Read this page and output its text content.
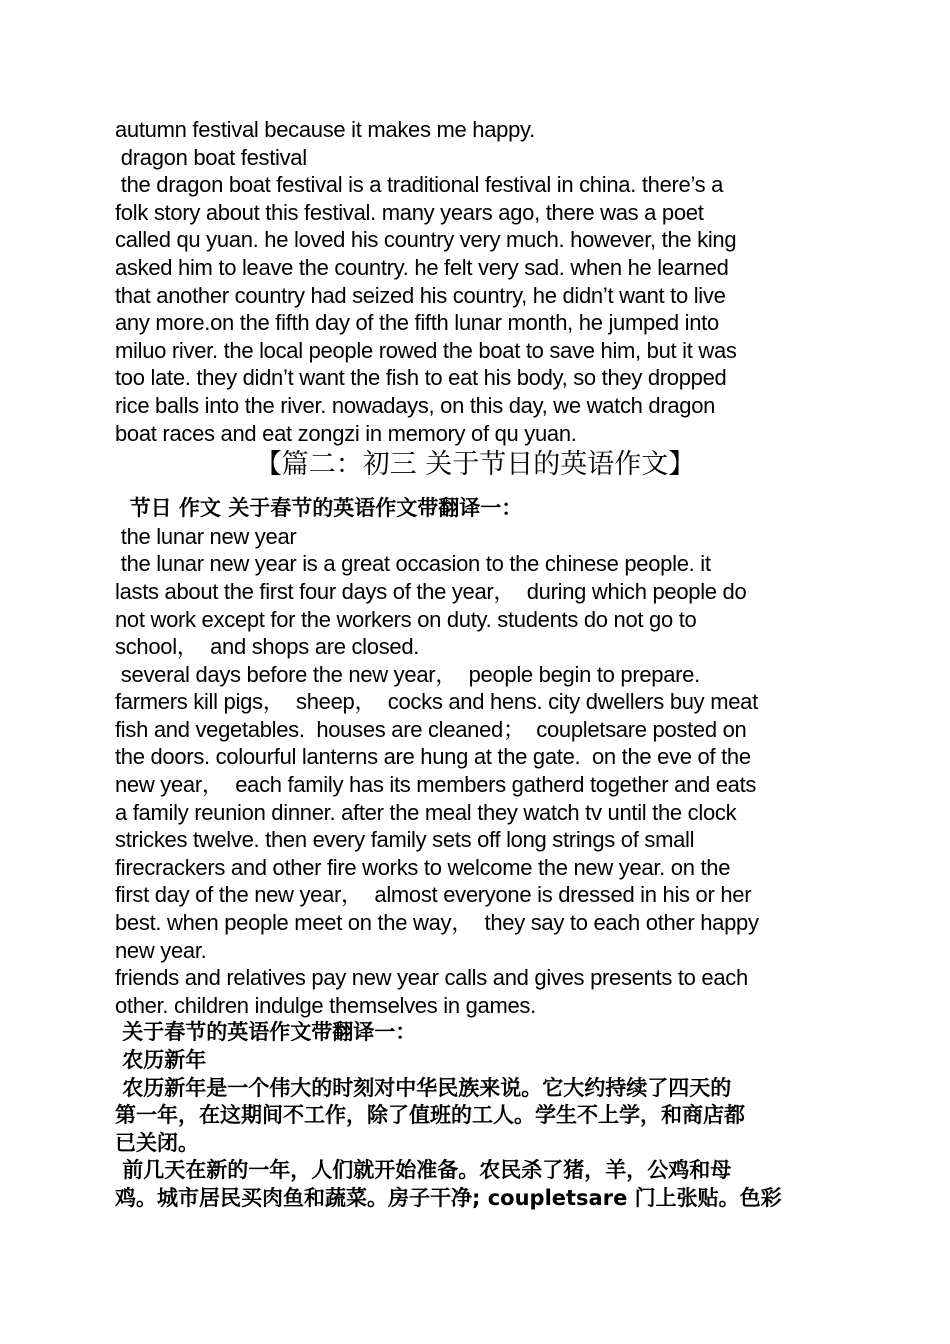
autumn festival because it makes me happy.
dragon boat festival
the dragon boat festival is a traditional festival in china. there’s a
folk story about this festival. many years ago, there was a poet
called qu yuan. he loved his country very much. however, the king
asked him to leave the country. he felt very sad. when he learned
that another country had seized his country, he didn’t want to live
any more.on the fifth day of the fifth lunar month, he jumped into
miluo river. the local people rowed the boat to save him, but it was
too late. they didn’t want the fish to eat his body, so they dropped
rice balls into the river. nowadays, on this day, we watch dragon
boat races and eat zongzi in memory of qu yuan.
【篇二：初三 关于节日的英语作文】
节日 作文 关于春节的英语作文带翻译一：
the lunar new year
the lunar new year is a great occasion to the chinese people. it
lasts about the first four days of the year，  during which people do
not work except for the workers on duty. students do not go to
school，  and shops are closed.
several days before the new year，  people begin to prepare.
farmers kill pigs，  sheep，  cocks and hens. city dwellers buy meat
fish and vegetables.  houses are cleaned；  coupletsare posted on
the doors. colourful lanterns are hung at the gate.  on the eve of the
new year，  each family has its members gatherd together and eats
a family reunion dinner. after the meal they watch tv until the clock
strickes twelve. then every family sets off long strings of small
firecrackers and other fire works to welcome the new year. on the
first day of the new year，  almost everyone is dressed in his or her
best. when people meet on the way，  they say to each other happy
new year.
friends and relatives pay new year calls and gives presents to each
other. children indulge themselves in games.
关于春节的英语作文带翻译一：
农历新年
农历新年是一个伟大的时刻对中华民族来说。它大约持续了四天的
第一年，在这期间不工作，除了值班的工人。学生不上学，和商店都
已关闭。
前几天在新的一年，人们就开始准备。农民杀了猪，羊，公鸡和母
鸡。城市居民买肉鱼和蔬菜。房子干净; coupletsare 门上张贴。色彩
